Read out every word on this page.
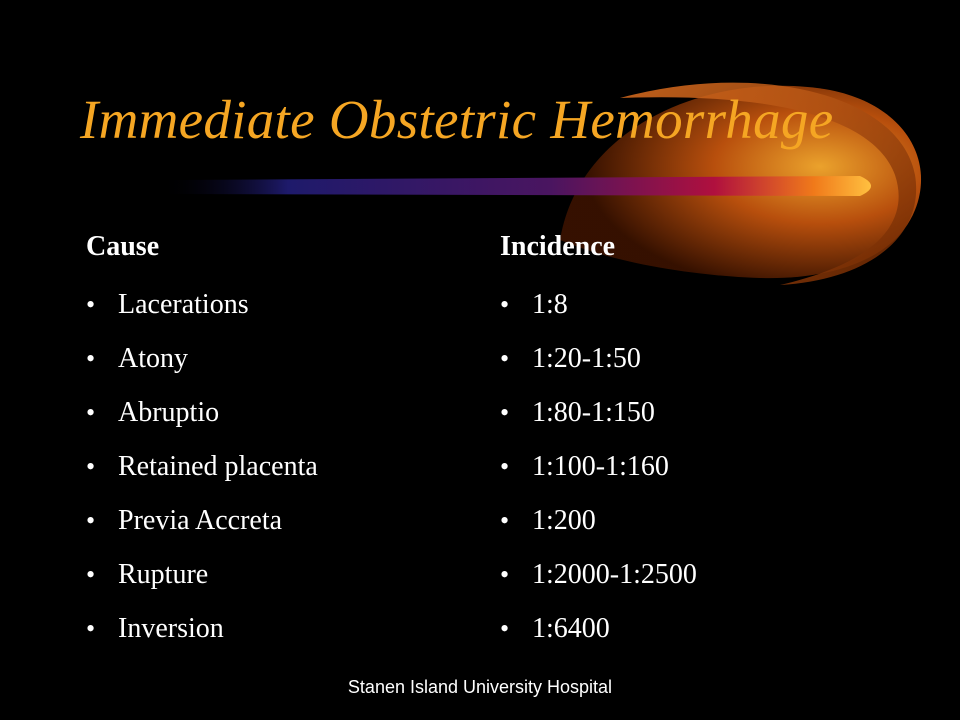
Immediate Obstetric Hemorrhage
Cause
• Lacerations
• Atony
• Abruptio
• Retained placenta
• Previa Accreta
• Rupture
• Inversion
Incidence
• 1:8
• 1:20-1:50
• 1:80-1:150
• 1:100-1:160
• 1:200
• 1:2000-1:2500
• 1:6400
Stanen Island University Hospital
